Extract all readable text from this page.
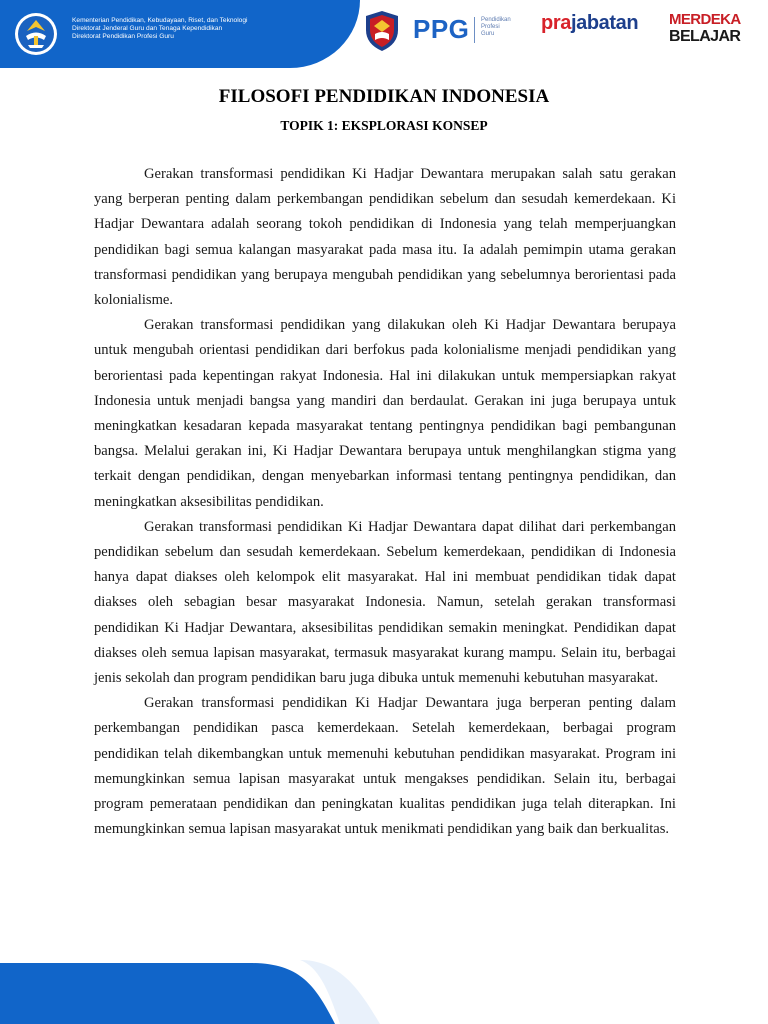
Kementerian Pendidikan, Kebudayaan, Riset, dan Teknologi
Direktorat Jenderal Guru dan Tenaga Kependidikan
Direktorat Pendidikan Profesi Guru	PPG Pendidikan
Profesi
Guru	prajabatan MERDEKA
BELAJAR
FILOSOFI PENDIDIKAN INDONESIA
TOPIK 1: EKSPLORASI KONSEP

Gerakan transformasi pendidikan Ki Hadjar Dewantara merupakan salah satu gerakan yang berperan penting dalam perkembangan pendidikan sebelum dan sesudah kemerdekaan. Ki Hadjar Dewantara adalah seorang tokoh pendidikan di Indonesia yang telah memperjuangkan pendidikan bagi semua kalangan masyarakat pada masa itu. Ia adalah pemimpin utama gerakan transformasi pendidikan yang berupaya mengubah pendidikan yang sebelumnya berorientasi pada kolonialisme.

Gerakan transformasi pendidikan yang dilakukan oleh Ki Hadjar Dewantara berupaya untuk mengubah orientasi pendidikan dari berfokus pada kolonialisme menjadi pendidikan yang berorientasi pada kepentingan rakyat Indonesia. Hal ini dilakukan untuk mempersiapkan rakyat Indonesia untuk menjadi bangsa yang mandiri dan berdaulat. Gerakan ini juga berupaya untuk meningkatkan kesadaran kepada masyarakat tentang pentingnya pendidikan bagi pembangunan bangsa. Melalui gerakan ini, Ki Hadjar Dewantara berupaya untuk menghilangkan stigma yang terkait dengan pendidikan, dengan menyebarkan informasi tentang pentingnya pendidikan, dan meningkatkan aksesibilitas pendidikan.

Gerakan transformasi pendidikan Ki Hadjar Dewantara dapat dilihat dari perkembangan pendidikan sebelum dan sesudah kemerdekaan. Sebelum kemerdekaan, pendidikan di Indonesia hanya dapat diakses oleh kelompok elit masyarakat. Hal ini membuat pendidikan tidak dapat diakses oleh sebagian besar masyarakat Indonesia. Namun, setelah gerakan transformasi pendidikan Ki Hadjar Dewantara, aksesibilitas pendidikan semakin meningkat. Pendidikan dapat diakses oleh semua lapisan masyarakat, termasuk masyarakat kurang mampu. Selain itu, berbagai jenis sekolah dan program pendidikan baru juga dibuka untuk memenuhi kebutuhan masyarakat.

Gerakan transformasi pendidikan Ki Hadjar Dewantara juga berperan penting dalam perkembangan pendidikan pasca kemerdekaan. Setelah kemerdekaan, berbagai program pendidikan telah dikembangkan untuk memenuhi kebutuhan pendidikan masyarakat. Program ini memungkinkan semua lapisan masyarakat untuk mengakses pendidikan. Selain itu, berbagai program pemerataan pendidikan dan peningkatan kualitas pendidikan juga telah diterapkan. Ini memungkinkan semua lapisan masyarakat untuk menikmati pendidikan yang baik dan berkualitas.
